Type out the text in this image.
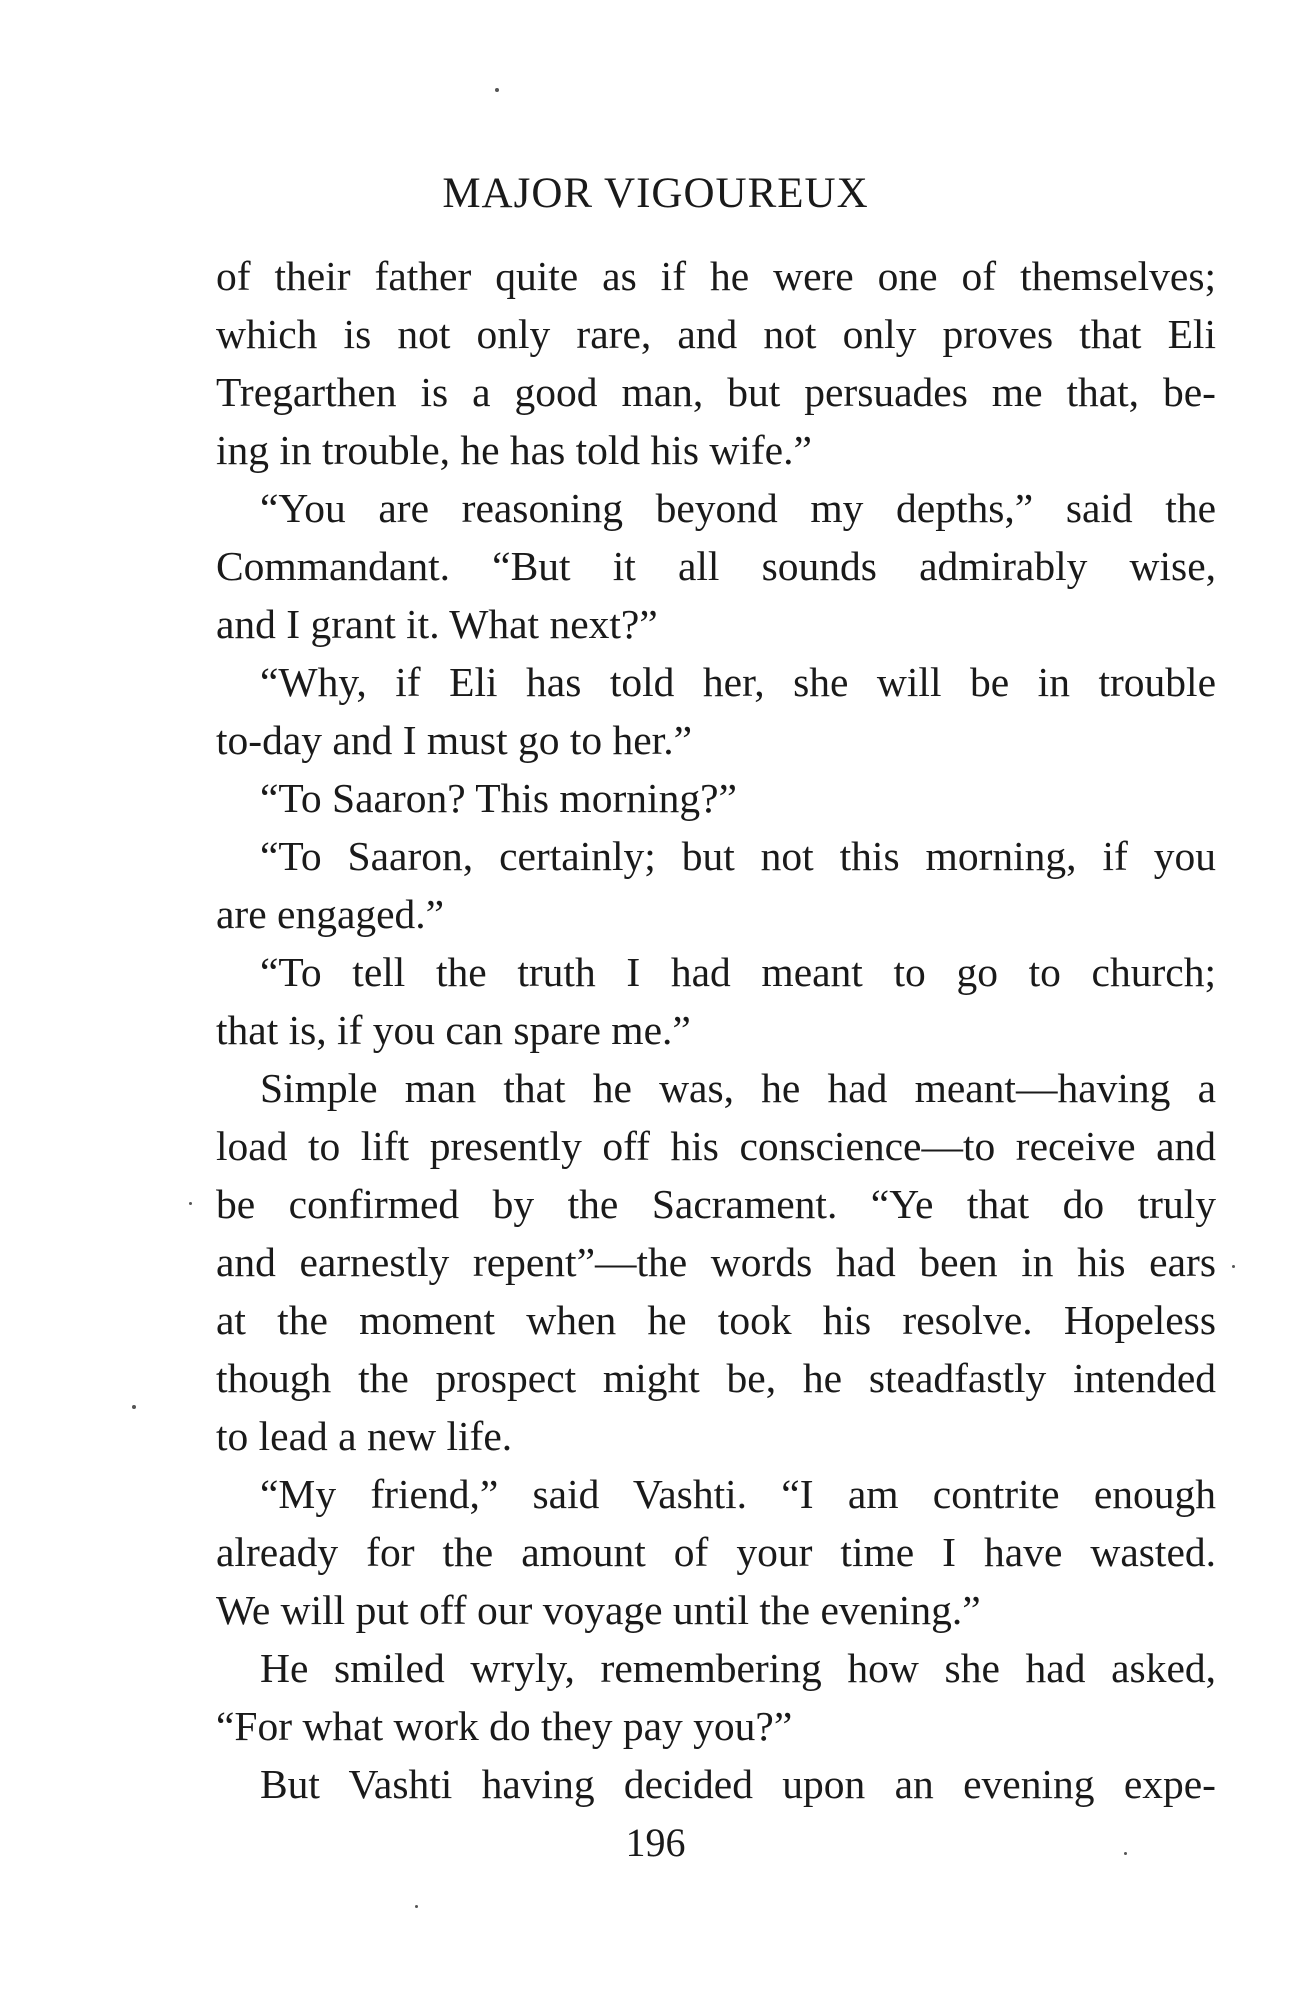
MAJOR VIGOUREUX
of their father quite as if he were one of themselves;
which is not only rare, and not only proves that Eli
Tregarthen is a good man, but persuades me that, be-
ing in trouble, he has told his wife.”
“You are reasoning beyond my depths,” said the
Commandant. “But it all sounds admirably wise,
and I grant it. What next?”
“Why, if Eli has told her, she will be in trouble
to-day and I must go to her.”
“To Saaron? This morning?”
“To Saaron, certainly; but not this morning, if you
are engaged.”
“To tell the truth I had meant to go to church;
that is, if you can spare me.”
Simple man that he was, he had meant—having a
load to lift presently off his conscience—to receive and
be confirmed by the Sacrament. “Ye that do truly
and earnestly repent”—the words had been in his ears
at the moment when he took his resolve. Hopeless
though the prospect might be, he steadfastly intended
to lead a new life.
“My friend,” said Vashti. “I am contrite enough
already for the amount of your time I have wasted.
We will put off our voyage until the evening.”
He smiled wryly, remembering how she had asked,
“For what work do they pay you?”
But Vashti having decided upon an evening expe-
196
